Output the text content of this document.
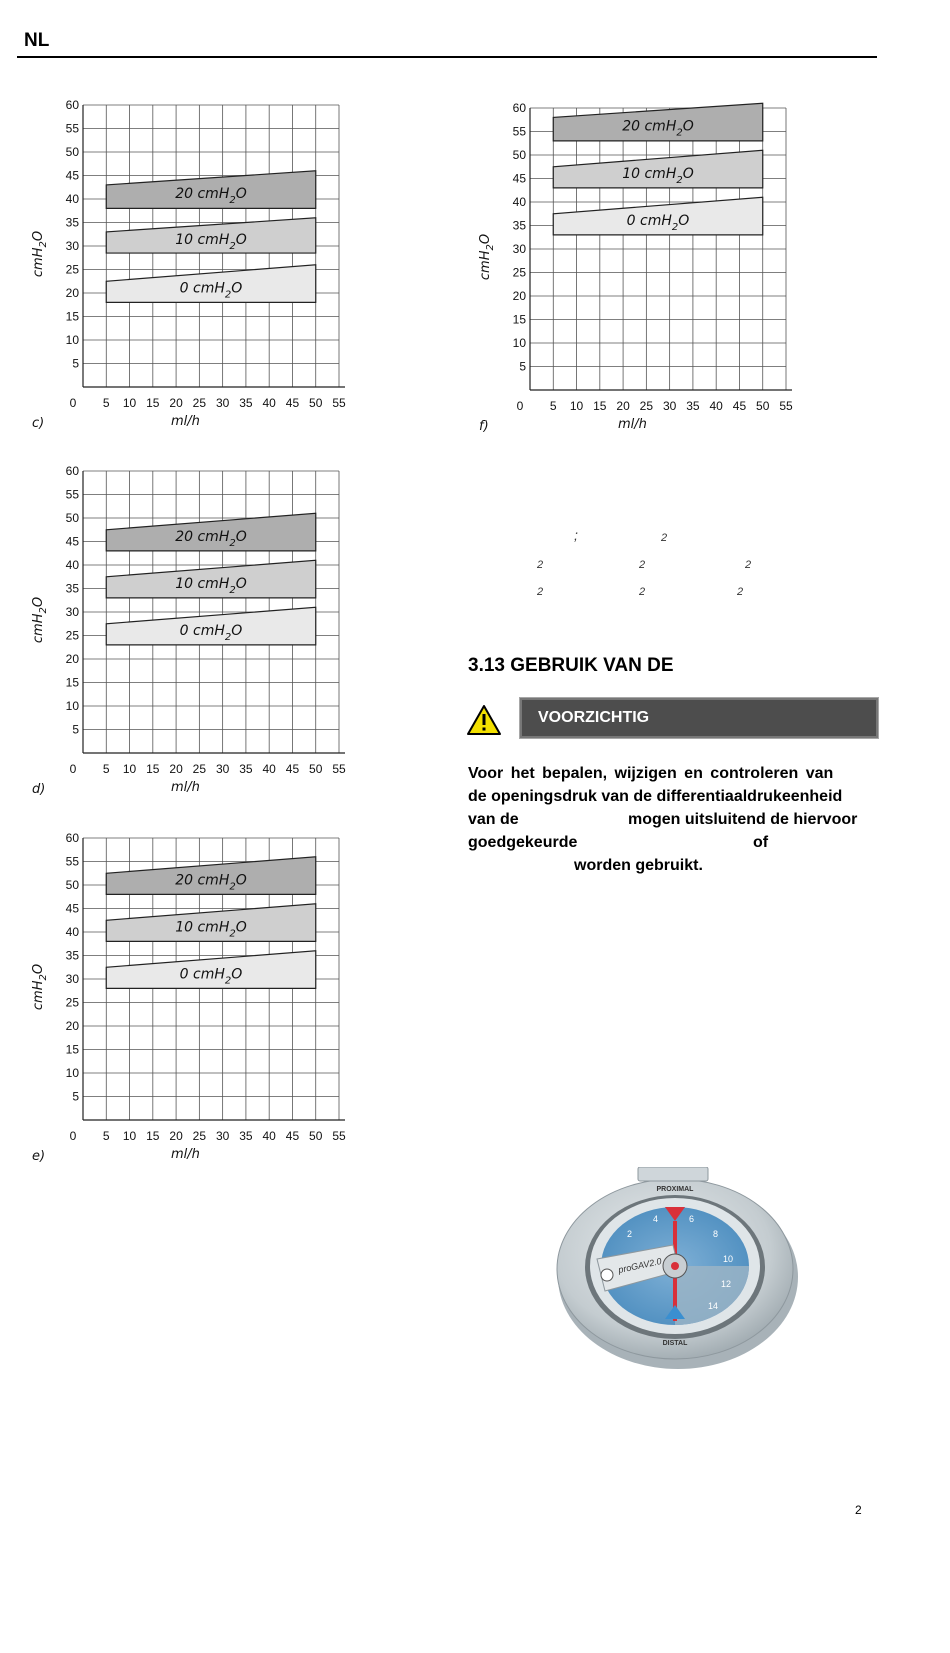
NL
20 cmH$_2$O
10 cmH$_2$O
0 cmH$_2$O
60
55
50
45
40
35
30
25
20
15
10
5
0 5 10 15 20 25 30 35 40 45 50 55
ml/h
cmH$_2$O
c)
20 cmH$_2$O
10 cmH$_2$O
0 cmH$_2$O
60
55
50
45
40
35
30
25
20
15
10
5
0 5 10 15 20 25 30 35 40 45 50 55
ml/h
cmH$_2$O
f)
20 cmH$_2$O
10 cmH$_2$O
0 cmH$_2$O
60
55
50
45
40
35
30
25
20
15
10
5
0 5 10 15 20 25 30 35 40 45 50 55
ml/h
cmH$_2$O
d)
20 cmH$_2$O
10 cmH$_2$O
0 cmH$_2$O
60
55
50
45
40
35
30
25
20
15
10
5
0 5 10 15 20 25 30 35 40 45 50 55
ml/h
cmH$_2$O
e)
;	2
2	2	2
2	2	2
3.13 GEBRUIK VAN DE
VOORZICHTIG
Voor het bepalen, wijzigen en controleren van
de openingsdruk van de differentiaaldrukeenheid
van de	mogen uitsluitend de hiervoor
goedgekeurde	of
worden gebruikt.
PROXIMAL
DISTAL
2
4	6
8
10
12
14
proGAV2.0
2
